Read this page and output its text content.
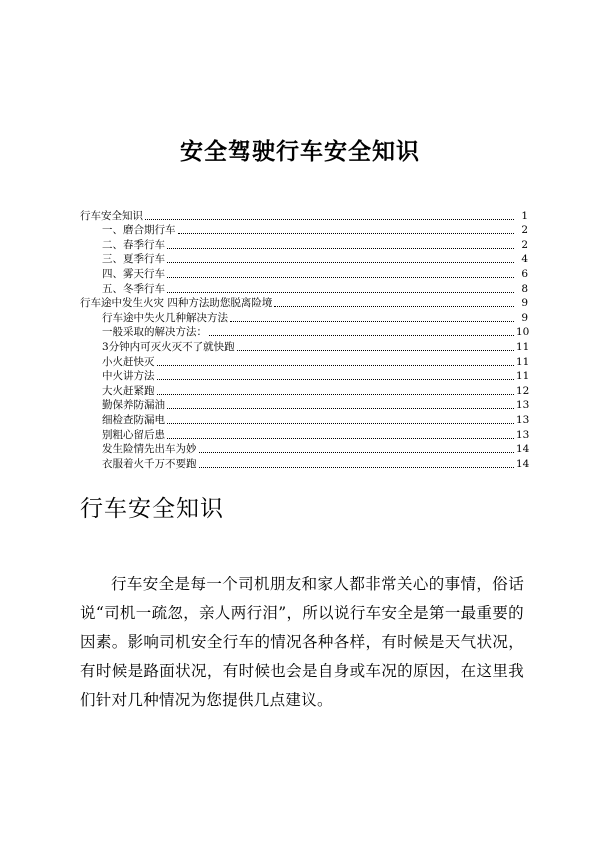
安全驾驶行车安全知识
行车安全知识	1
一、磨合期行车	2
二、春季行车	2
三、夏季行车	4
四、雾天行车	6
五、冬季行车	8
行车途中发生火灾 四种方法助您脱离险境	9
行车途中失火几种解决方法	9
一般采取的解决方法：	10
3分钟内可灭火灭不了就快跑	11
小火赶快灭	11
中火讲方法	11
大火赶紧跑	12
勤保养防漏油	13
细检查防漏电	13
别粗心留后患	13
发生险情先出车为妙	14
衣服着火千万不要跑	14
行车安全知识
行车安全是每一个司机朋友和家人都非常关心的事情，俗话说“司机一疏忽，亲人两行泪”，所以说行车安全是第一最重要的因素。影响司机安全行车的情况各种各样，有时候是天气状况，有时候是路面状况，有时候也会是自身或车况的原因，在这里我们针对几种情况为您提供几点建议。
